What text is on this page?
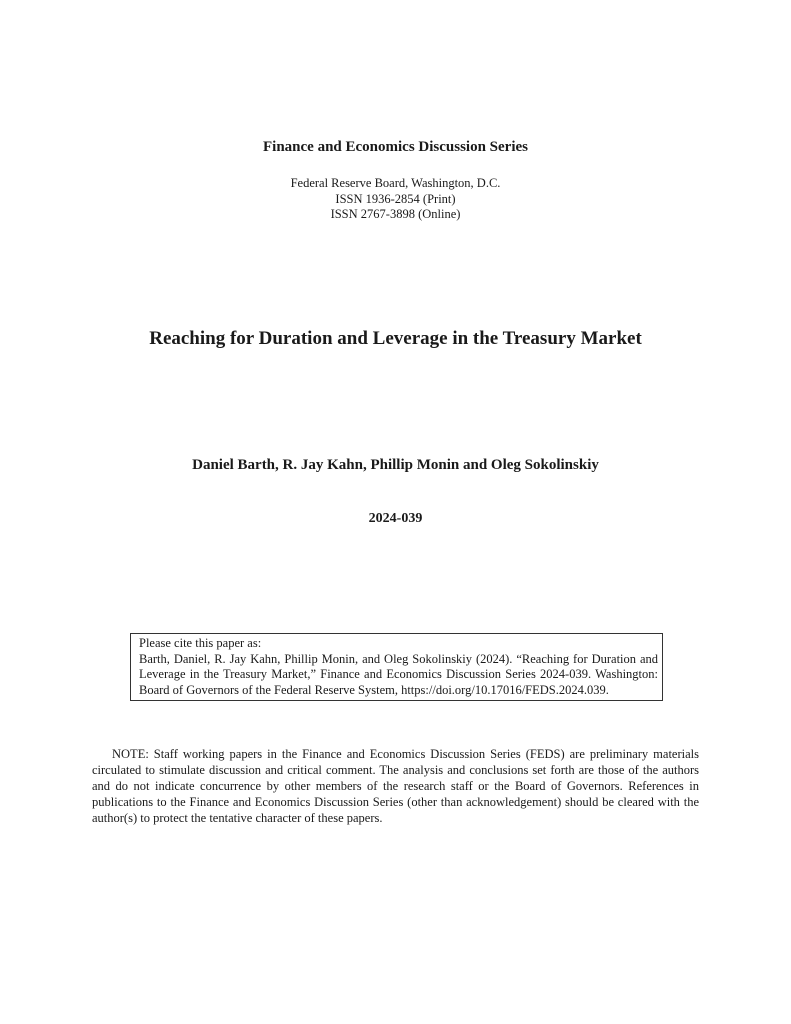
Finance and Economics Discussion Series
Federal Reserve Board, Washington, D.C.
ISSN 1936-2854 (Print)
ISSN 2767-3898 (Online)
Reaching for Duration and Leverage in the Treasury Market
Daniel Barth, R. Jay Kahn, Phillip Monin and Oleg Sokolinskiy
2024-039
Please cite this paper as:
Barth, Daniel, R. Jay Kahn, Phillip Monin, and Oleg Sokolinskiy (2024). “Reaching for Duration and Leverage in the Treasury Market,” Finance and Economics Discussion Series 2024-039. Washington: Board of Governors of the Federal Reserve System, https://doi.org/10.17016/FEDS.2024.039.
NOTE: Staff working papers in the Finance and Economics Discussion Series (FEDS) are preliminary materials circulated to stimulate discussion and critical comment. The analysis and conclusions set forth are those of the authors and do not indicate concurrence by other members of the research staff or the Board of Governors. References in publications to the Finance and Economics Discussion Series (other than acknowledgement) should be cleared with the author(s) to protect the tentative character of these papers.
